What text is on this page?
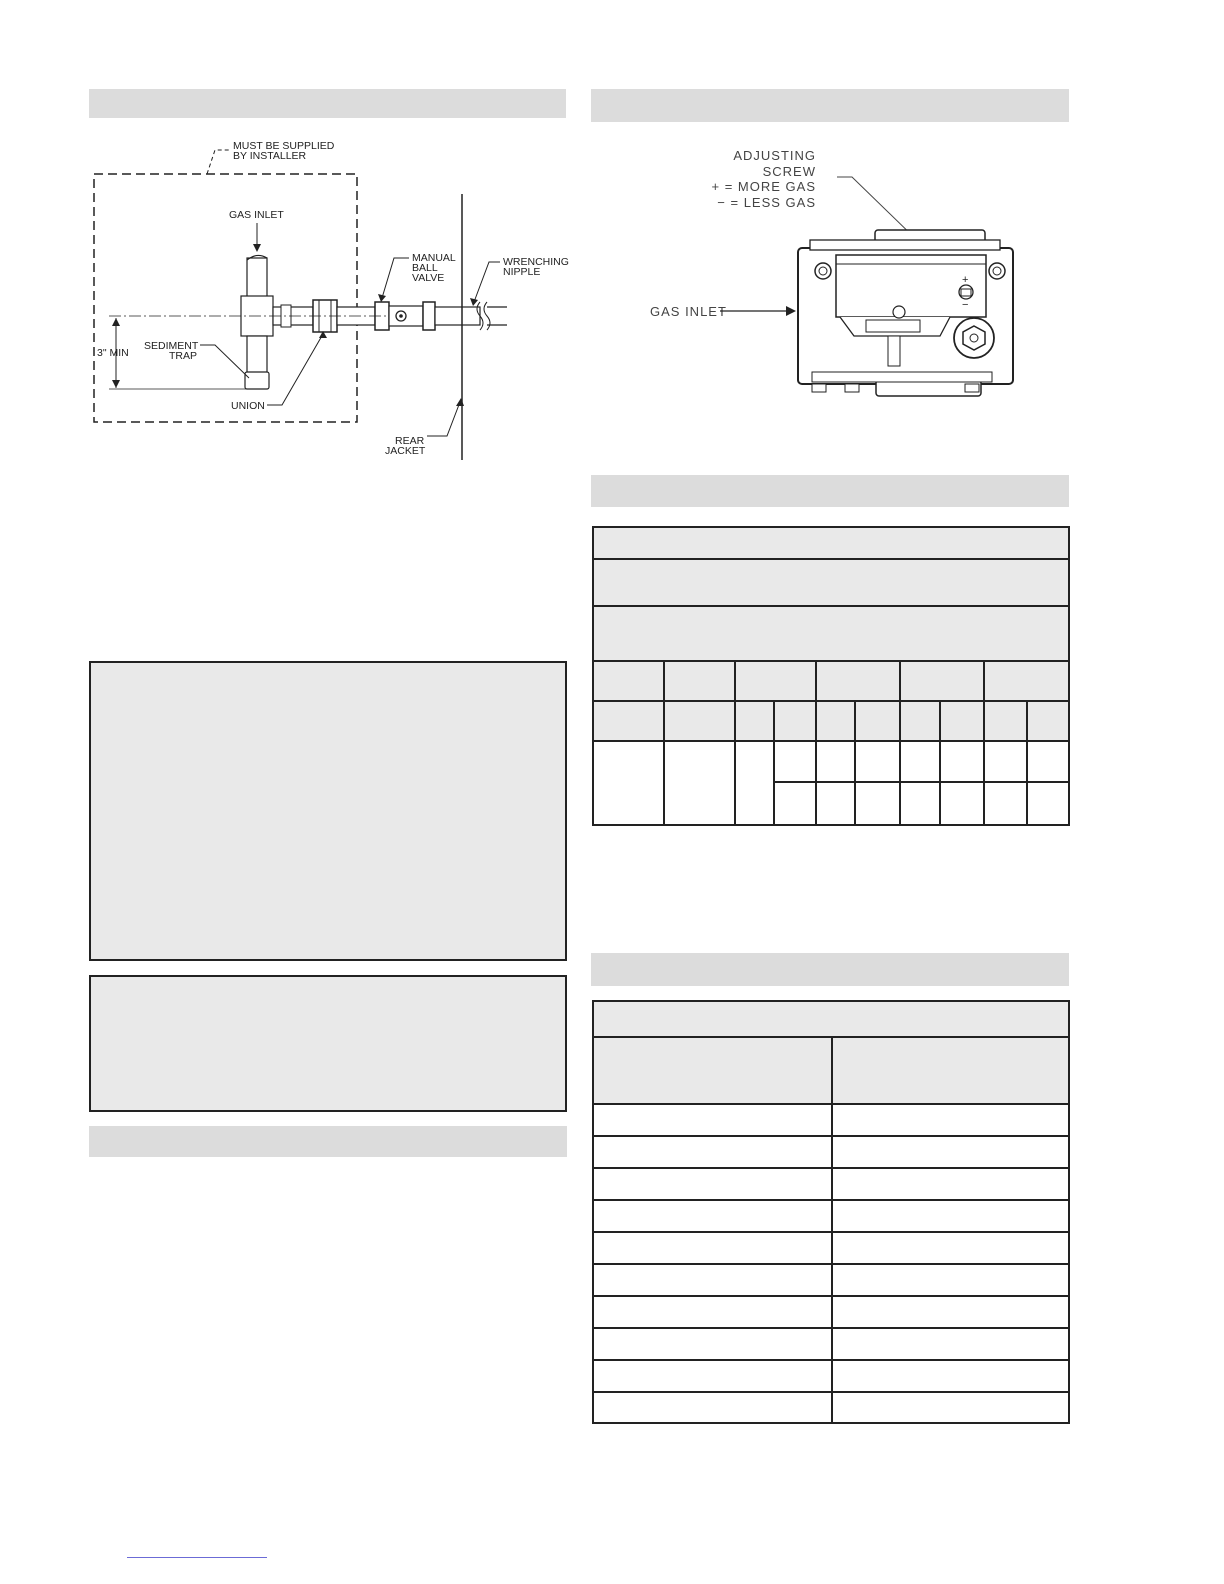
MUST BE SUPPLIED
BY INSTALLER
GAS INLET
3" MIN
SEDIMENT
TRAP
UNION
MANUAL
BALL
VALVE
WRENCHING
NIPPLE
REAR
JACKET
ADJUSTING
SCREW
+ = MORE GAS
− = LESS GAS
GAS INLET
+
−
